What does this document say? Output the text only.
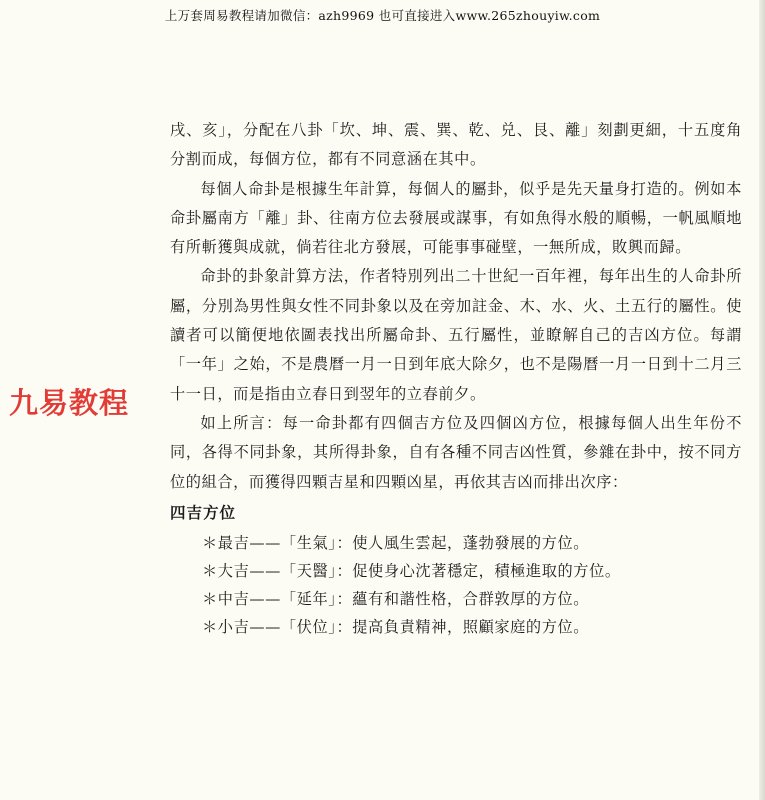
上万套周易教程请加微信：azh9969 也可直接进入www.265zhouyiw.com
九易教程

戌、亥」，分配在八卦「坎、坤、震、巽、乾、兑、艮、離」刻劃更細，十五度角分割而成，每個方位，都有不同意涵在其中。

每個人命卦是根據生年計算，每個人的屬卦，似乎是先天量身打造的。例如本命卦屬南方「離」卦、往南方位去發展或謀事，有如魚得水般的順暢，一帆風順地有所斬獲與成就，倘若往北方發展，可能事事碰壁，一無所成，敗興而歸。

命卦的卦象計算方法，作者特別列出二十世紀一百年裡，每年出生的人命卦所屬，分別為男性與女性不同卦象以及在旁加註金、木、水、火、土五行的屬性。使讀者可以簡便地依圖表找出所屬命卦、五行屬性，並瞭解自己的吉凶方位。每謂「一年」之始，不是農曆一月一日到年底大除夕，也不是陽曆一月一日到十二月三十一日，而是指由立春日到翌年的立春前夕。

如上所言：每一命卦都有四個吉方位及四個凶方位，根據每個人出生年份不同，各得不同卦象，其所得卦象，自有各種不同吉凶性質，參雜在卦中，按不同方位的組合，而獲得四顆吉星和四顆凶星，再依其吉凶而排出次序：

四吉方位
＊最吉——「生氣」：使人風生雲起，蓬勃發展的方位。
＊大吉——「天醫」：促使身心沈著穩定，積極進取的方位。
＊中吉——「延年」：蘊有和諧性格，合群敦厚的方位。
＊小吉——「伏位」：提高負責精神，照顧家庭的方位。
